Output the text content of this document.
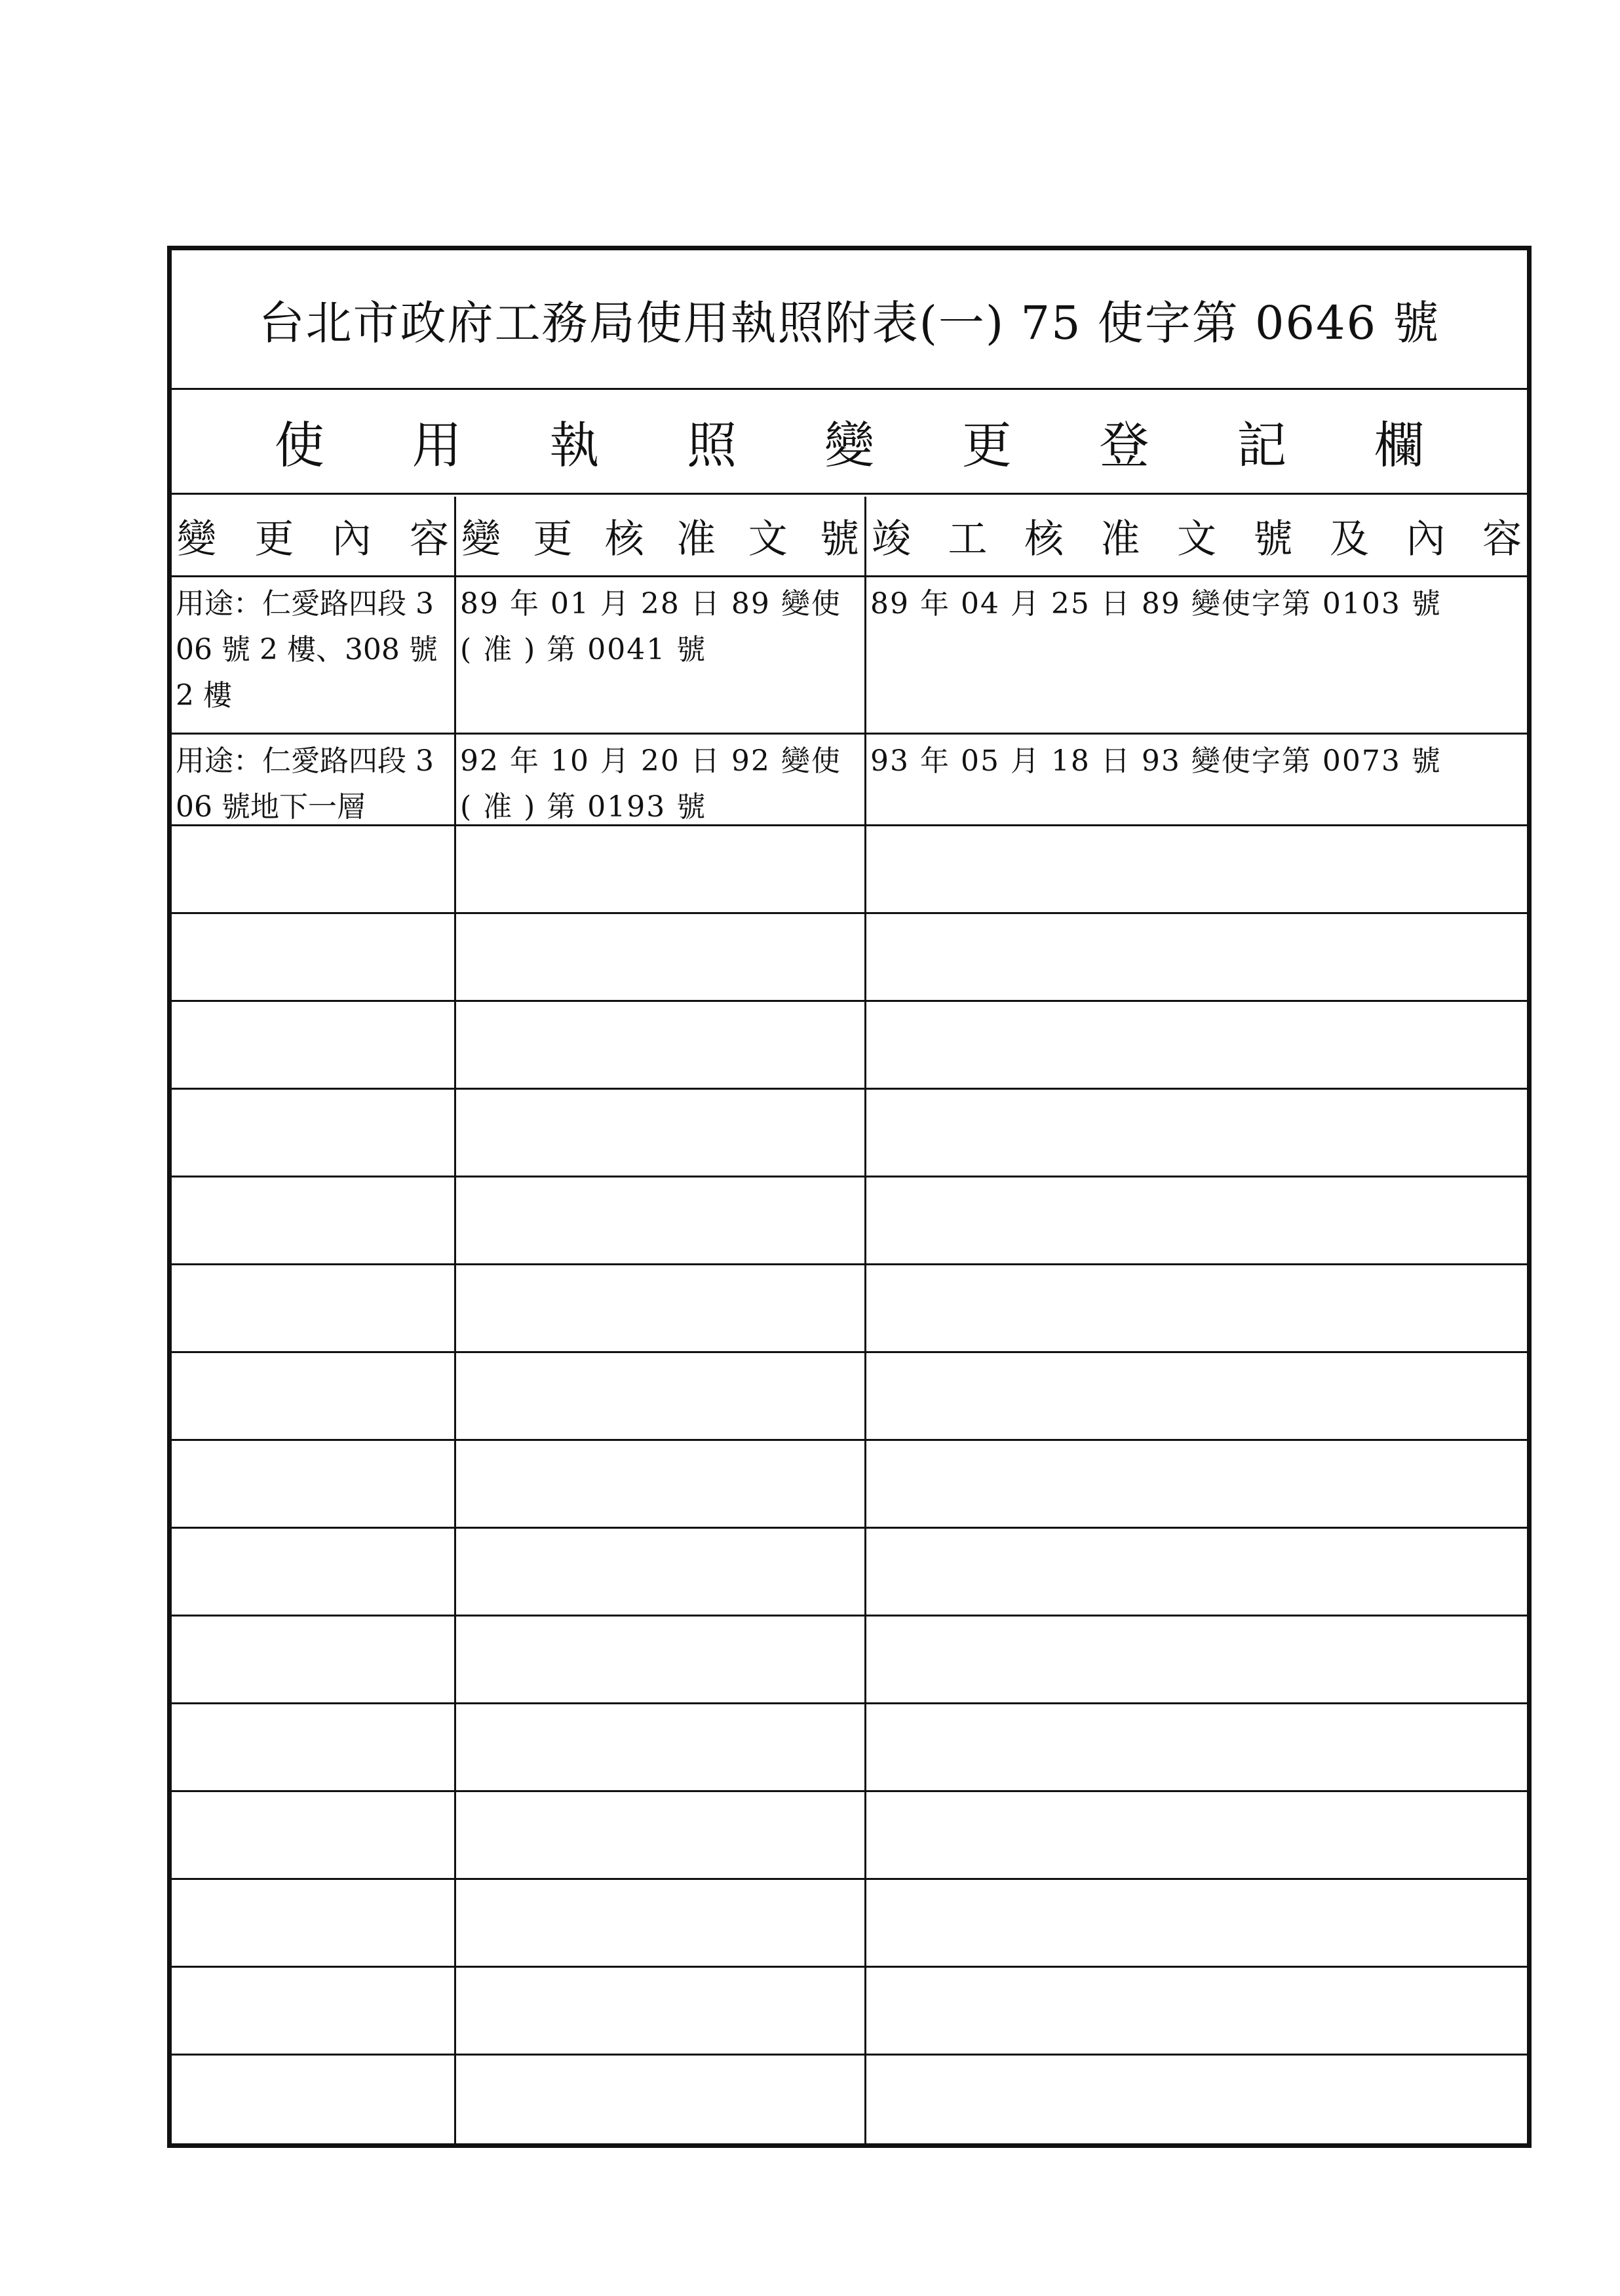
台北市政府工務局使用執照附表(一) 75 使字第 0646 號
使 用 執 照 變 更 登 記 欄
變 更 內 容 變 更 核 准 文 號 竣 工 核 准 文 號 及 內 容
用途：仁愛路四段 306 號 2 樓、308 號 2 樓
89 年 01 月 28 日 89 變使 ( 准 ) 第 0041 號
89 年 04 月 25 日 89 變使字第 0103 號
用途：仁愛路四段 306 號地下一層
92 年 10 月 20 日 92 變使 ( 准 ) 第 0193 號
93 年 05 月 18 日 93 變使字第 0073 號
